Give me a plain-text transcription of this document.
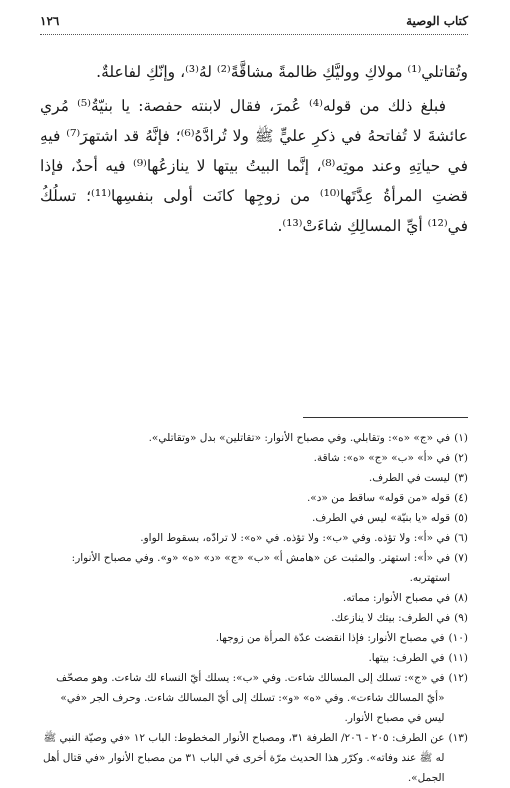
كتاب الوصية
١٢٦

وتُقاتلي⁽¹⁾ مولاكِ ووليَّكِ ظالمةً مشاقَّةً⁽²⁾ لهُ⁽³⁾، وإنّكِ لفاعلةٌ.

فبلغ ذلك من قوله⁽⁴⁾ عُمرَ، فقال لابنته حفصة: يا بنيّةُ⁽⁵⁾ مُري عائشةَ لا تُفاتحهُ في ذكرِ عليٍّ ﷺ ولا تُرادَّهُ⁽⁶⁾؛ فإنَّهُ قد اشتهرَ⁽⁷⁾ فيهِ في حياتِهِ وعند موتِه⁽⁸⁾، إنَّما البيتُ بيتها لا ينازعُها⁽⁹⁾ فيه أحدٌ، فإذا قضتِ المرأةُ عِدَّتَها⁽¹⁰⁾ من زوجِها كانَت أولى بنفسِها⁽¹¹⁾؛ تسلُكُ في⁽¹²⁾ أيِّ المسالِكِ شاءَتْ⁽¹³⁾.

(١)
في «ج» «ه»: وتقابلي. وفي مصباح الأنوار: «تقاتلين» بدل «وتقاتلي».
(٢)
في «أ» «ب» «ج» «ه»: شاقة.
(٣)
ليست في الطرف.
(٤)
قوله «من قوله» ساقط من «د».
(٥)
قوله «يا بنيّة» ليس في الطرف.
(٦)
في «أ»: ولا تؤذه. وفي «ب»: ولا تؤذه. في «ه»: لا ترادّه، بسقوط الواو.
(٧)
في «أ»: استهتر. والمثبت عن «هامش أ» «ب» «ج» «د» «ه» «و». وفي مصباح الأنوار: استهتربه.
(٨)
في مصباح الأنوار: مماته.
(٩)
في الطرف: بيتك لا ينازعك.
(١٠)
في مصباح الأنوار: فإذا انقضت عدّة المرأة من زوجها.
(١١)
في الطرف: بيتها.
(١٢)
في «ج»: تسلك إلى المسالك شاءت. وفي «ب»: يسلك أيّ النساء لك شاءت. وهو مصحّف «أيّ المسالك شاءت». وفي «ه» «و»: تسلك إلى أيّ المسالك شاءت. وحرف الجر «في» ليس في مصباح الأنوار.
(١٣)
عن الطرف: ٢٠٥ - ٢٠٦/ الطرفة ٣١، ومصباح الأنوار المخطوط: الباب ١٢ «في وصيّة النبي ﷺ له ﷺ عند وفاته». وكرّر هذا الحديث مرّة أخرى في الباب ٣١ من مصباح الأنوار «في قتال أهل الجمل».
